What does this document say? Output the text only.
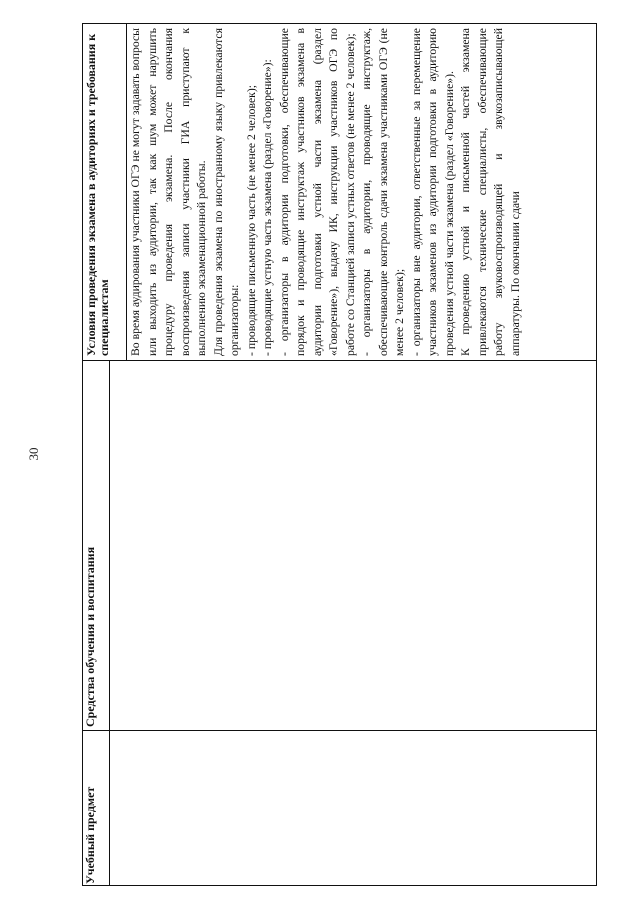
30
Учебный предмет
Средства обучения и воспитания
Условия проведения экзамена в аудиториях и требования к специалистам	Во время аудирования участники ОГЭ не могут задавать вопросы или выходить из аудитории, так как шум может нарушить процедуру проведения экзамена. После окончания воспроизведения записи участники ГИА приступают к выполнению экзаменационной работы. Для проведения экзамена по иностранному языку привлекаются организаторы: - проводящие письменную часть (не менее 2 человек); - проводящие устную часть экзамена (раздел «Говорение»): - организаторы в аудитории подготовки, обеспечивающие порядок и проводящие инструктаж участников экзамена в аудитории подготовки устной части экзамена (раздел «Говорение»), выдачу ИК, инструкции участников ОГЭ по работе со Станцией записи устных ответов (не менее 2 человек); - организаторы в аудитории, проводящие инструктаж, обеспечивающие контроль сдачи экзамена участниками ОГЭ (не менее 2 человек); - организаторы вне аудитории, ответственные за перемещение участников экзаменов из аудитории подготовки в аудиторию проведения устной части экзамена (раздел «Говорение»). К проведению устной и письменной частей экзамена привлекаются технические специалисты, обеспечивающие работу звуковоспроизводящей и звукозаписывающей аппаратуры. По окончании сдачи
